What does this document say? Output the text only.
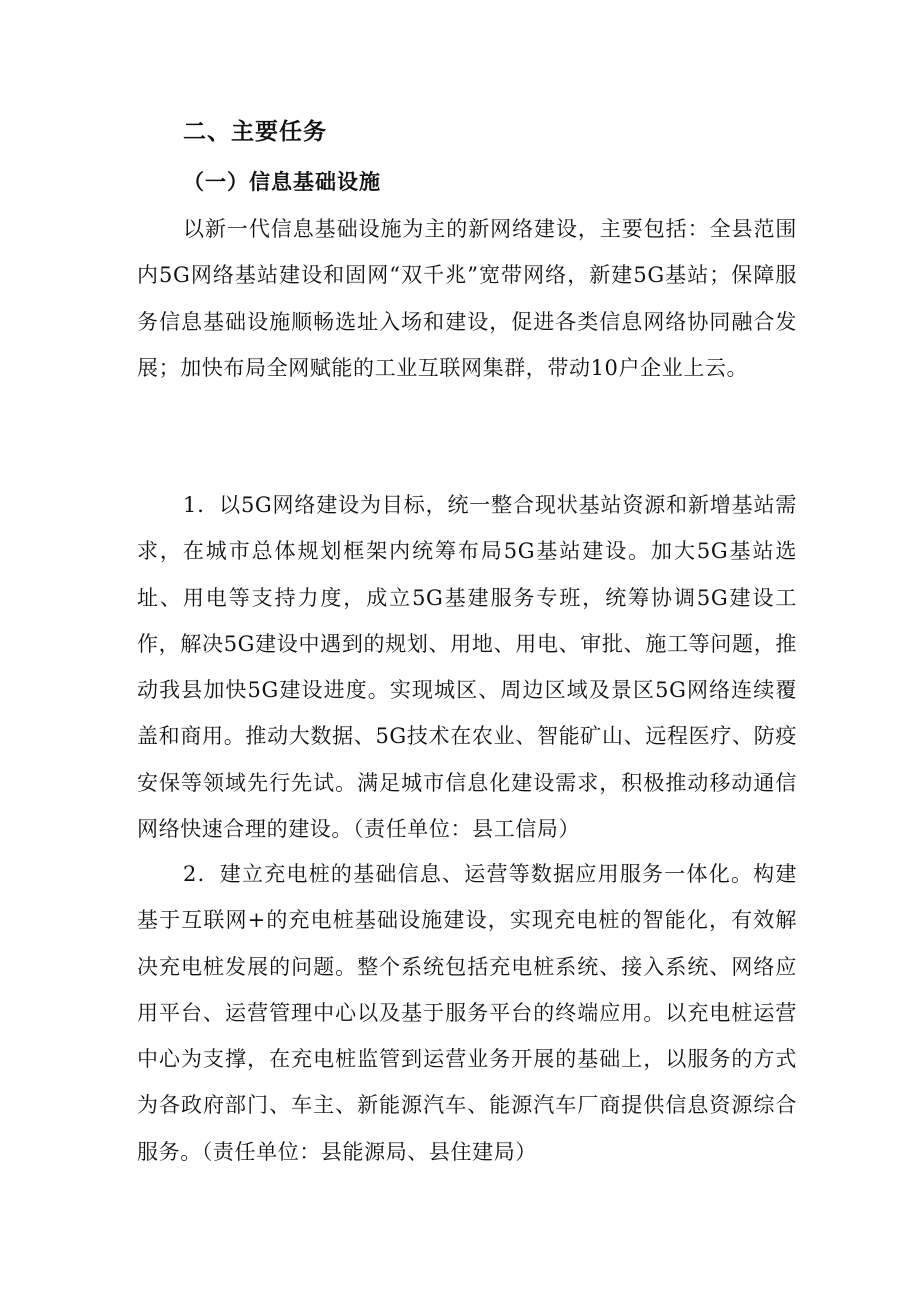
二、主要任务
（一）信息基础设施

以新一代信息基础设施为主的新网络建设，主要包括：全县范围内5G网络基站建设和固网“双千兆”宽带网络，新建5G基站；保障服务信息基础设施顺畅选址入场和建设，促进各类信息网络协同融合发展；加快布局全网赋能的工业互联网集群，带动10户企业上云。

1．以5G网络建设为目标，统一整合现状基站资源和新增基站需求，在城市总体规划框架内统筹布局5G基站建设。加大5G基站选址、用电等支持力度，成立5G基建服务专班，统筹协调5G建设工作，解决5G建设中遇到的规划、用地、用电、审批、施工等问题，推动我县加快5G建设进度。实现城区、周边区域及景区5G网络连续覆盖和商用。推动大数据、5G技术在农业、智能矿山、远程医疗、防疫安保等领域先行先试。满足城市信息化建设需求，积极推动移动通信网络快速合理的建设。（责任单位：县工信局）

2．建立充电桩的基础信息、运营等数据应用服务一体化。构建基于互联网+的充电桩基础设施建设，实现充电桩的智能化，有效解决充电桩发展的问题。整个系统包括充电桩系统、接入系统、网络应用平台、运营管理中心以及基于服务平台的终端应用。以充电桩运营中心为支撑，在充电桩监管到运营业务开展的基础上，以服务的方式为各政府部门、车主、新能源汽车、能源汽车厂商提供信息资源综合服务。（责任单位：县能源局、县住建局）
